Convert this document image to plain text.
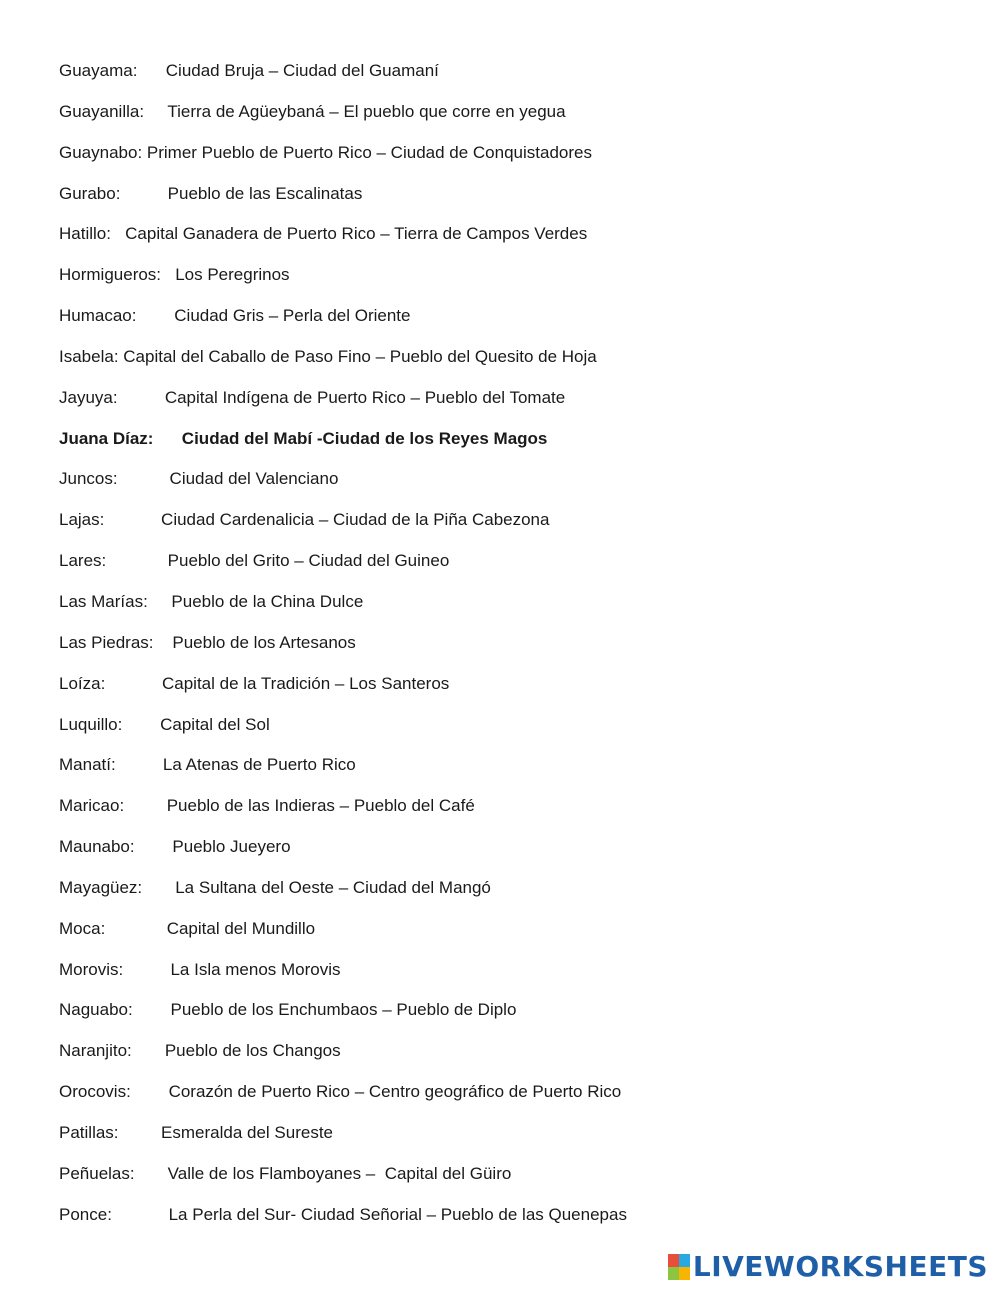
Guayama:      Ciudad Bruja – Ciudad del Guamaní
Guayanilla:     Tierra de Agüeybaná – El pueblo que corre en yegua
Guaynabo: Primer Pueblo de Puerto Rico – Ciudad de Conquistadores
Gurabo:          Pueblo de las Escalinatas
Hatillo:   Capital Ganadera de Puerto Rico – Tierra de Campos Verdes
Hormigueros:   Los Peregrinos
Humacao:        Ciudad Gris – Perla del Oriente
Isabela: Capital del Caballo de Paso Fino – Pueblo del Quesito de Hoja
Jayuya:          Capital Indígena de Puerto Rico – Pueblo del Tomate
Juana Díaz:      Ciudad del Mabí -Ciudad de los Reyes Magos
Juncos:           Ciudad del Valenciano
Lajas:            Ciudad Cardenalicia – Ciudad de la Piña Cabezona
Lares:             Pueblo del Grito – Ciudad del Guineo
Las Marías:     Pueblo de la China Dulce
Las Piedras:    Pueblo de los Artesanos
Loíza:            Capital de la Tradición – Los Santeros
Luquillo:        Capital del Sol
Manatí:          La Atenas de Puerto Rico
Maricao:         Pueblo de las Indieras – Pueblo del Café
Maunabo:        Pueblo Jueyero
Mayagüez:       La Sultana del Oeste – Ciudad del Mangó
Moca:             Capital del Mundillo
Morovis:          La Isla menos Morovis
Naguabo:        Pueblo de los Enchumbaos – Pueblo de Diplo
Naranjito:       Pueblo de los Changos
Orocovis:        Corazón de Puerto Rico – Centro geográfico de Puerto Rico
Patillas:         Esmeralda del Sureste
Peñuelas:       Valle de los Flamboyanes –  Capital del Güiro
Ponce:            La Perla del Sur- Ciudad Señorial – Pueblo de las Quenepas
LIVEWORKSHEETS
